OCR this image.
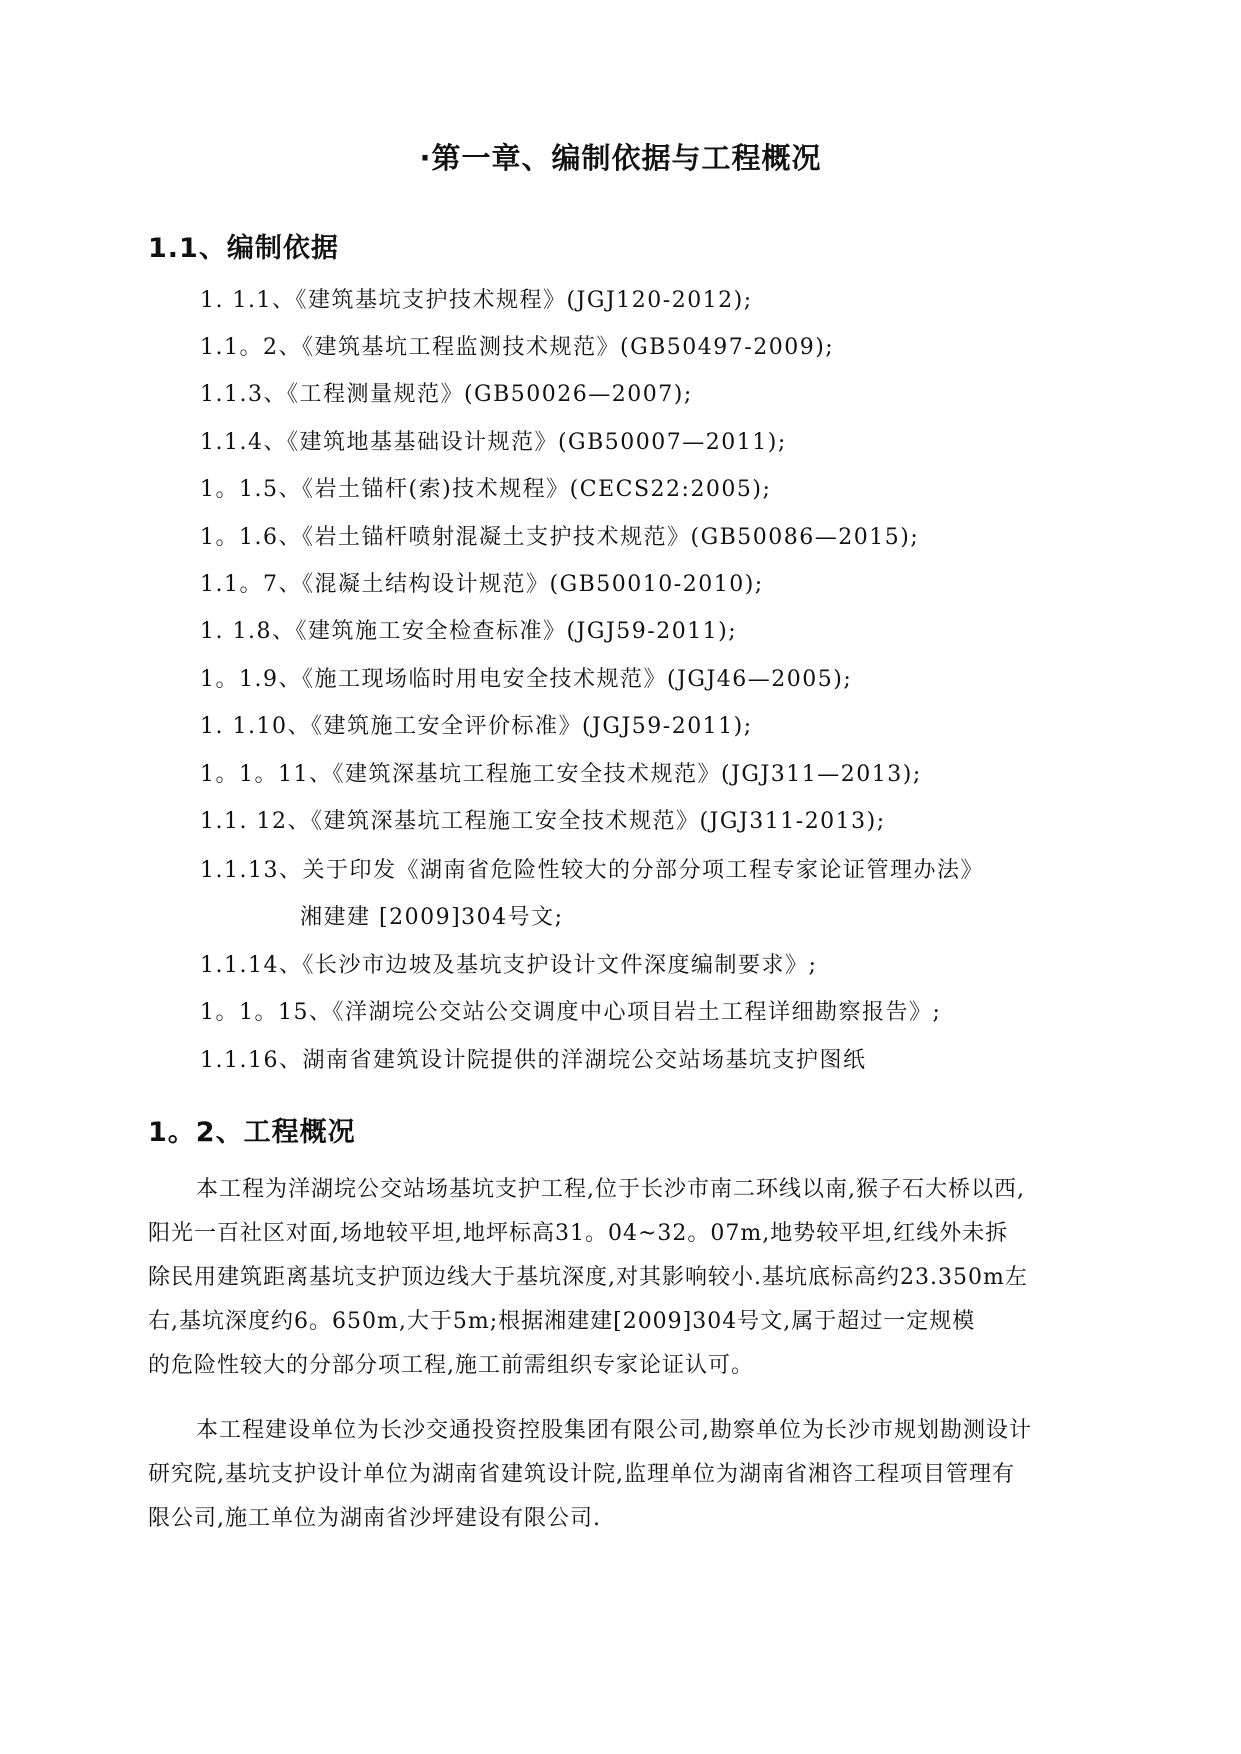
·第一章、编制依据与工程概况
1.1、编制依据
1. 1.1、《建筑基坑支护技术规程》(JGJ120-2012);
1.1。2、《建筑基坑工程监测技术规范》(GB50497-2009);
1.1.3、《工程测量规范》(GB50026—2007);
1.1.4、《建筑地基基础设计规范》(GB50007—2011);
1。1.5、《岩土锚杆(索)技术规程》(CECS22:2005);
1。1.6、《岩土锚杆喷射混凝土支护技术规范》(GB50086—2015);
1.1。7、《混凝土结构设计规范》(GB50010-2010);
1. 1.8、《建筑施工安全检查标准》(JGJ59-2011);
1。1.9、《施工现场临时用电安全技术规范》(JGJ46—2005);
1. 1.10、《建筑施工安全评价标准》(JGJ59-2011);
1。1。11、《建筑深基坑工程施工安全技术规范》(JGJ311—2013);
1.1. 12、《建筑深基坑工程施工安全技术规范》(JGJ311-2013);
1.1.13、关于印发《湖南省危险性较大的分部分项工程专家论证管理办法》
湘建建 [2009]304号文;
1.1.14、《长沙市边坡及基坑支护设计文件深度编制要求》;
1。1。15、《洋湖垸公交站公交调度中心项目岩土工程详细勘察报告》;
1.1.16、湖南省建筑设计院提供的洋湖垸公交站场基坑支护图纸
1。2、工程概况
本工程为洋湖垸公交站场基坑支护工程,位于长沙市南二环线以南,猴子石大桥以西,
阳光一百社区对面,场地较平坦,地坪标高31。04~32。07m,地势较平坦,红线外未拆
除民用建筑距离基坑支护顶边线大于基坑深度,对其影响较小.基坑底标高约23.350m左
右,基坑深度约6。650m,大于5m;根据湘建建[2009]304号文,属于超过一定规模
的危险性较大的分部分项工程,施工前需组织专家论证认可。
本工程建设单位为长沙交通投资控股集团有限公司,勘察单位为长沙市规划勘测设计
研究院,基坑支护设计单位为湖南省建筑设计院,监理单位为湖南省湘咨工程项目管理有
限公司,施工单位为湖南省沙坪建设有限公司.
